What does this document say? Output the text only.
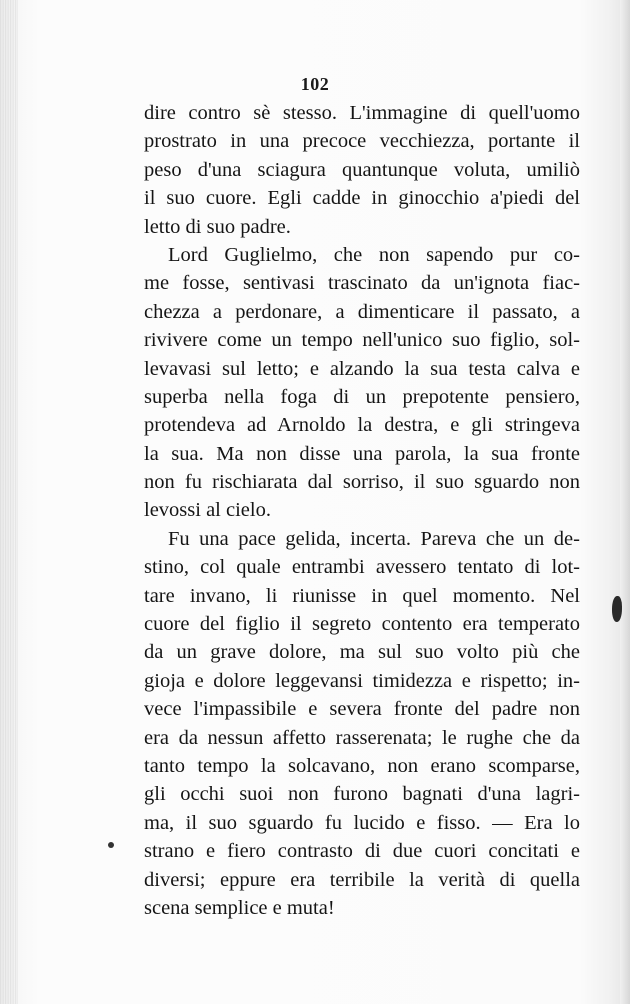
102
dire contro sè stesso. L'immagine di quell'uomo
prostrato in una precoce vecchiezza, portante il
peso d'una sciagura quantunque voluta, umiliò
il suo cuore. Egli cadde in ginocchio a'piedi del
letto di suo padre.
Lord Guglielmo, che non sapendo pur co-
me fosse, sentivasi trascinato da un'ignota fiac-
chezza a perdonare, a dimenticare il passato, a
rivivere come un tempo nell'unico suo figlio, sol-
levavasi sul letto; e alzando la sua testa calva e
superba nella foga di un prepotente pensiero,
protendeva ad Arnoldo la destra, e gli stringeva
la sua. Ma non disse una parola, la sua fronte
non fu rischiarata dal sorriso, il suo sguardo non
levossi al cielo.
Fu una pace gelida, incerta. Pareva che un de-
stino, col quale entrambi avessero tentato di lot-
tare invano, li riunisse in quel momento. Nel
cuore del figlio il segreto contento era temperato
da un grave dolore, ma sul suo volto più che
gioja e dolore leggevansi timidezza e rispetto; in-
vece l'impassibile e severa fronte del padre non
era da nessun affetto rasserenata; le rughe che da
tanto tempo la solcavano, non erano scomparse,
gli occhi suoi non furono bagnati d'una lagri-
ma, il suo sguardo fu lucido e fisso. — Era lo
strano e fiero contrasto di due cuori concitati e
diversi; eppure era terribile la verità di quella
scena semplice e muta!
